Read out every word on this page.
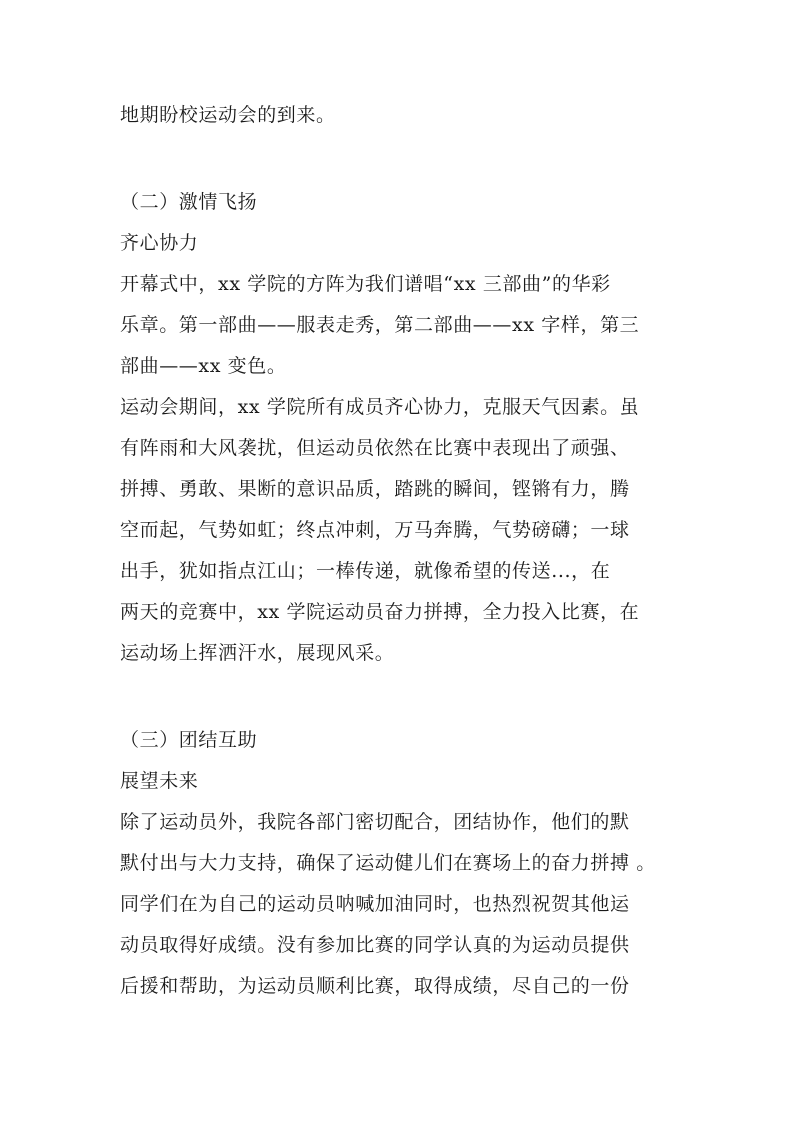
地期盼校运动会的到来。
（二）激情飞扬
齐心协力
开幕式中，xx 学院的方阵为我们谱唱“xx 三部曲”的华彩
乐章。第一部曲——服表走秀，第二部曲——xx 字样，第三
部曲——xx 变色。
运动会期间，xx 学院所有成员齐心协力，克服天气因素。虽
有阵雨和大风袭扰，但运动员依然在比赛中表现出了顽强、
拼搏、勇敢、果断的意识品质，踏跳的瞬间，铿锵有力，腾
空而起，气势如虹；终点冲刺，万马奔腾，气势磅礴；一球
出手，犹如指点江山；一棒传递，就像希望的传送...，在
两天的竞赛中，xx 学院运动员奋力拼搏，全力投入比赛，在
运动场上挥洒汗水，展现风采。
（三）团结互助
展望未来
除了运动员外，我院各部门密切配合，团结协作，他们的默
默付出与大力支持，确保了运动健儿们在赛场上的奋力拼搏 。
同学们在为自己的运动员呐喊加油同时，也热烈祝贺其他运
动员取得好成绩。没有参加比赛的同学认真的为运动员提供
后援和帮助，为运动员顺利比赛，取得成绩，尽自己的一份
